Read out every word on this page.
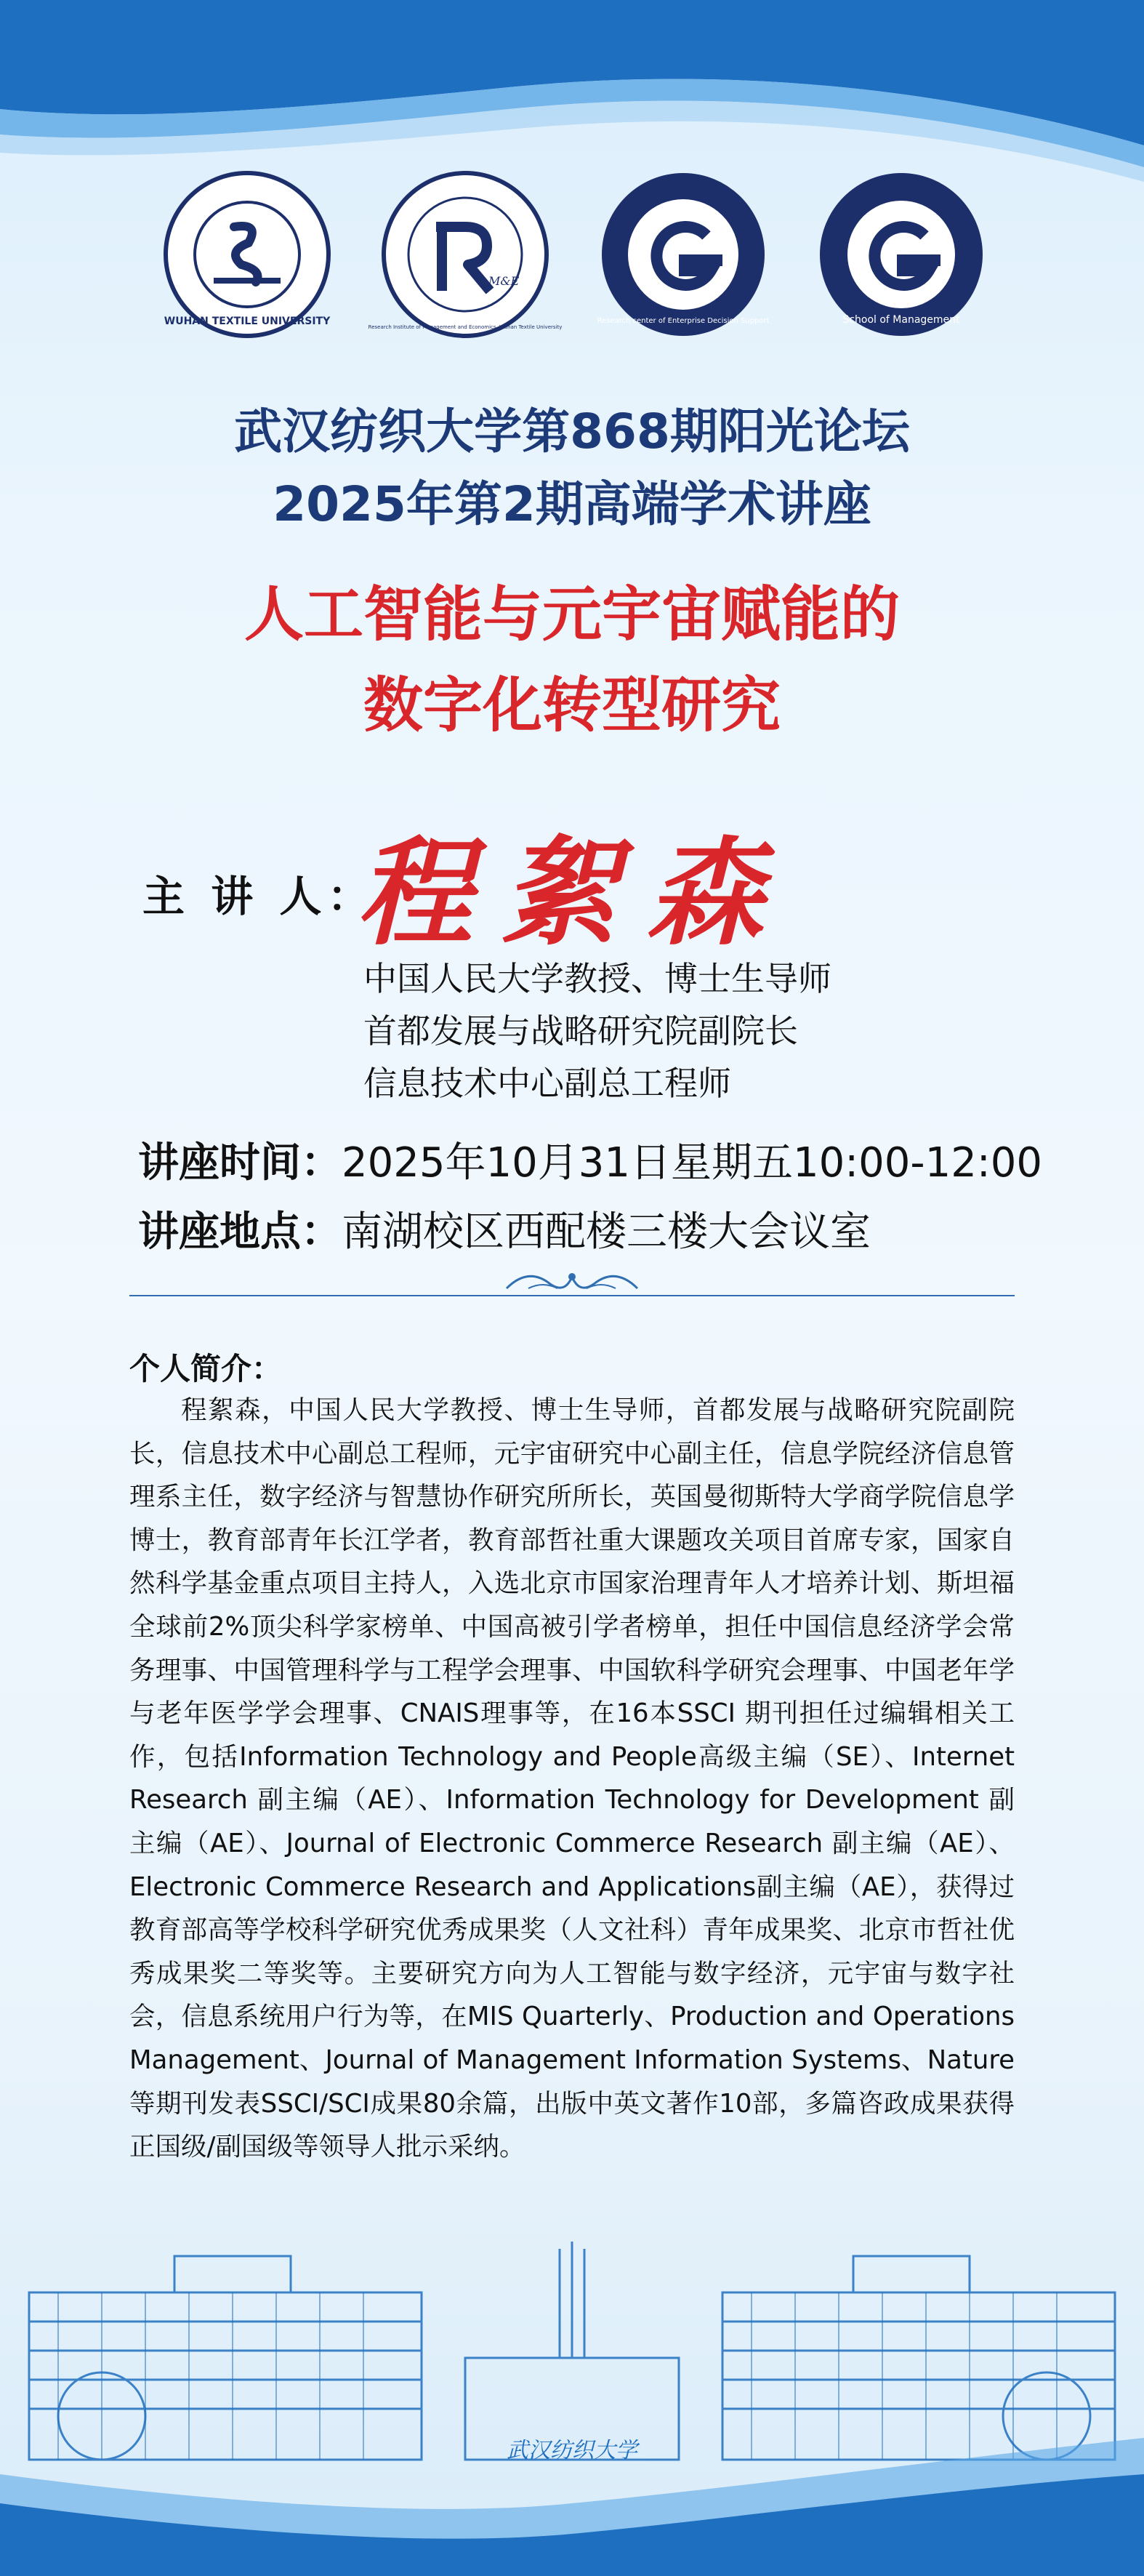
WUHAN TEXTILE UNIVERSITY
M&E
Research Institute of Management and Economics, Wuhan Textile University
Research center of Enterprise Decision Support	School of Management
武汉纺织大学第868期阳光论坛
2025年第2期高端学术讲座
人工智能与元宇宙赋能的
数字化转型研究
主 讲 人：
程絮森
中国人民大学教授、博士生导师
首都发展与战略研究院副院长
信息技术中心副总工程师
讲座时间：2025年10月31日星期五10:00-12:00
讲座地点：南湖校区西配楼三楼大会议室
个人简介：
程絮森，中国人民大学教授、博士生导师，首都发展与战略研究院副院长，信息技术中心副总工程师，元宇宙研究中心副主任，信息学院经济信息管理系主任，数字经济与智慧协作研究所所长，英国曼彻斯特大学商学院信息学博士，教育部青年长江学者，教育部哲社重大课题攻关项目首席专家，国家自然科学基金重点项目主持人，入选北京市国家治理青年人才培养计划、斯坦福全球前2%顶尖科学家榜单、中国高被引学者榜单，担任中国信息经济学会常务理事、中国管理科学与工程学会理事、中国软科学研究会理事、中国老年学与老年医学学会理事、CNAIS理事等，在16本SSCI 期刊担任过编辑相关工作，包括Information Technology and People高级主编（SE）、Internet Research 副主编（AE）、Information Technology for Development 副主编（AE）、Journal of Electronic Commerce Research 副主编（AE）、Electronic Commerce Research and Applications副主编（AE），获得过教育部高等学校科学研究优秀成果奖（人文社科）青年成果奖、北京市哲社优秀成果奖二等奖等。主要研究方向为人工智能与数字经济，元宇宙与数字社会，信息系统用户行为等，在MIS Quarterly、Production and Operations Management、Journal of Management Information Systems、Nature等期刊发表SSCI/SCI成果80余篇，出版中英文著作10部，多篇咨政成果获得正国级/副国级等领导人批示采纳。
武汉纺织大学
